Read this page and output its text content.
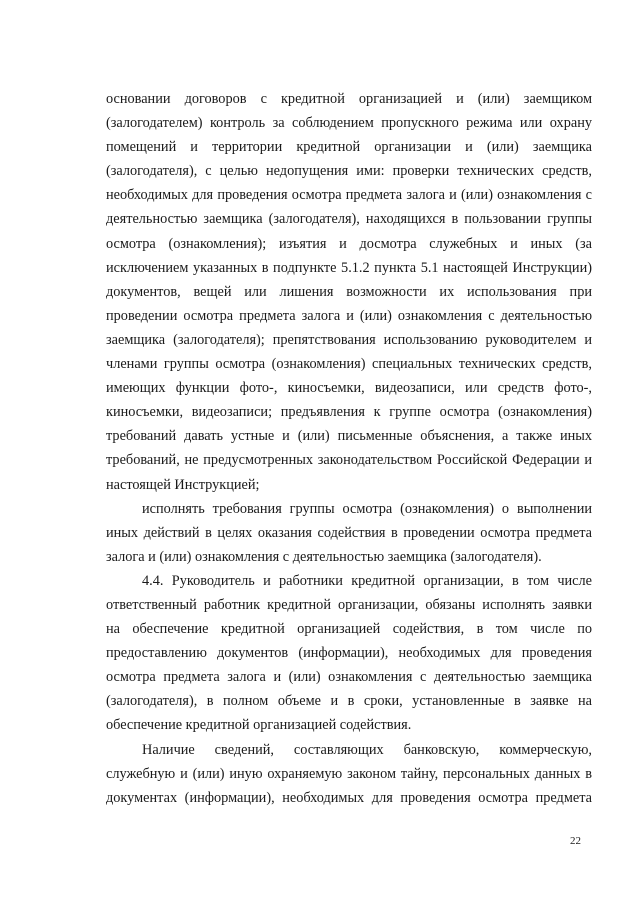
основании договоров с кредитной организацией и (или) заемщиком
(залогодателем) контроль за соблюдением пропускного режима или охрану
помещений и территории кредитной организации и (или) заемщика
(залогодателя), с целью недопущения ими: проверки технических средств,
необходимых для проведения осмотра предмета залога и (или) ознакомления с
деятельностью заемщика (залогодателя), находящихся в пользовании группы
осмотра (ознакомления); изъятия и досмотра служебных и иных (за
исключением указанных в подпункте 5.1.2 пункта 5.1 настоящей Инструкции)
документов, вещей или лишения возможности их использования при
проведении осмотра предмета залога и (или) ознакомления с деятельностью
заемщика (залогодателя); препятствования использованию руководителем и
членами группы осмотра (ознакомления) специальных технических средств,
имеющих функции фото-, киносъемки, видеозаписи, или средств фото-,
киносъемки, видеозаписи; предъявления к группе осмотра (ознакомления)
требований давать устные и (или) письменные объяснения, а также иных
требований, не предусмотренных законодательством Российской Федерации и
настоящей Инструкцией;
исполнять требования группы осмотра (ознакомления) о выполнении
иных действий в целях оказания содействия в проведении осмотра предмета
залога и (или) ознакомления с деятельностью заемщика (залогодателя).
4.4. Руководитель и работники кредитной организации, в том числе
ответственный работник кредитной организации, обязаны исполнять заявки
на обеспечение кредитной организацией содействия, в том числе по
предоставлению документов (информации), необходимых для проведения
осмотра предмета залога и (или) ознакомления с деятельностью заемщика
(залогодателя), в полном объеме и в сроки, установленные в заявке на
обеспечение кредитной организацией содействия.
Наличие сведений, составляющих банковскую, коммерческую,
служебную и (или) иную охраняемую законом тайну, персональных данных в
документах (информации), необходимых для проведения осмотра предмета
22
